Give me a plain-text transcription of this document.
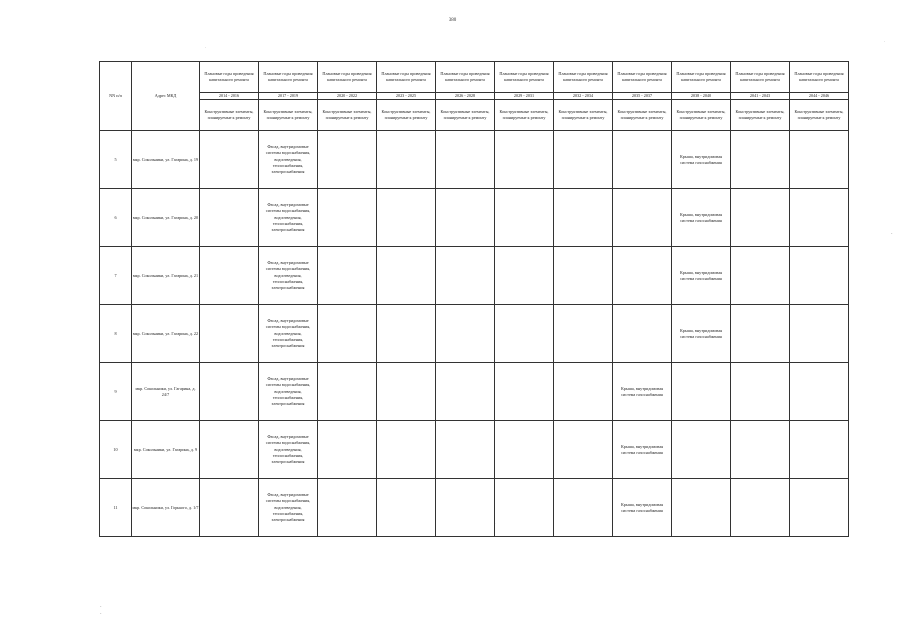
380
.
.
-
-
-
-
NN п/п	Адрес МКД	Плановые годы проведения капитального ремонта	Плановые годы проведения капитального ремонта	Плановые годы проведения капитального ремонта	Плановые годы проведения капитального ремонта	Плановые годы проведения капитального ремонта	Плановые годы проведения капитального ремонта	Плановые годы проведения капитального ремонта	Плановые годы проведения капитального ремонта	Плановые годы проведения капитального ремонта	Плановые годы проведения капитального ремонта	Плановые годы проведения капитального ремонта
		2014 - 2016	2017 - 2019	2020 - 2022	2023 - 2025	2026 - 2028	2029 - 2031	2032 - 2034	2035 - 2037	2038 - 2040	2041 - 2043	2044 - 2046
		Конструктивные элементы, планируемые к ремонту	Конструктивные элементы, планируемые к ремонту	Конструктивные элементы, планируемые к ремонту	Конструктивные элементы, планируемые к ремонту	Конструктивные элементы, планируемые к ремонту	Конструктивные элементы, планируемые к ремонту	Конструктивные элементы, планируемые к ремонту	Конструктивные элементы, планируемые к ремонту	Конструктивные элементы, планируемые к ремонту	Конструктивные элементы, планируемые к ремонту	Конструктивные элементы, планируемые к ремонту
5	мкр. Сокольники, ул. Гагарина, д. 19		Фасад, внутридомовые системы водоснабжения, водоотведения, теплоснабжения, электроснабжения							Крыша, внутридомовая система газоснабжения		

6	мкр. Сокольники, ул. Гагарина, д. 20		Фасад, внутридомовые системы водоснабжения, водоотведения, теплоснабжения, электроснабжения							Крыша, внутридомовая система газоснабжения		

7	мкр. Сокольники, ул. Гагарина, д. 21		Фасад, внутридомовые системы водоснабжения, водоотведения, теплоснабжения, электроснабжения							Крыша, внутридомовая система газоснабжения		

8	мкр. Сокольники, ул. Гагарина, д. 22		Фасад, внутридомовые системы водоснабжения, водоотведения, теплоснабжения, электроснабжения							Крыша, внутридомовая система газоснабжения		

9	мкр. Сокольники, ул. Гагарина, д. 24/7		Фасад, внутридомовые системы водоснабжения, водоотведения, теплоснабжения, электроснабжения						Крыша, внутридомовая система газоснабжения			

10	мкр. Сокольники, ул. Гагарина, д. 9		Фасад, внутридомовые системы водоснабжения, водоотведения, теплоснабжения, электроснабжения						Крыша, внутридомовая система газоснабжения			

11	мкр. Сокольники, ул. Горького, д. 1/7		Фасад, внутридомовые системы водоснабжения, водоотведения, теплоснабжения, электроснабжения						Крыша, внутридомовая система газоснабжения			
